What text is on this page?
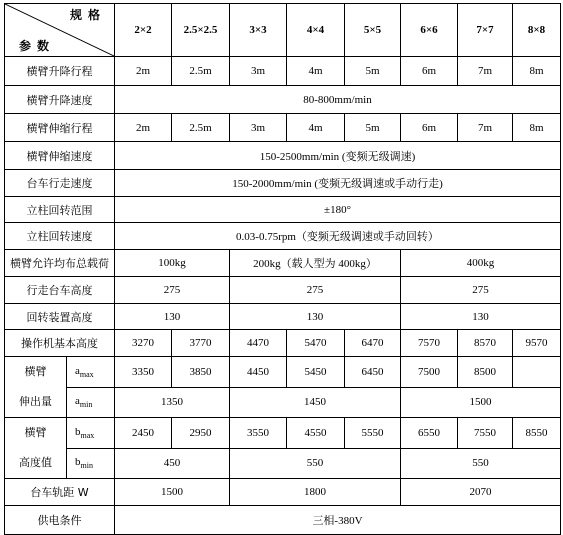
规格
参数		2×2	2.5×2.5	3×3	4×4	5×5	6×6	7×7	8×8
横臂升降行程		2m	2.5m	3m	4m	5m	6m	7m	8m
横臂升降速度		80-800mm/min							
横臂伸缩行程		2m	2.5m	3m	4m	5m	6m	7m	8m
横臂伸缩速度		150-2500mm/min (变频无级调速)							
台车行走速度		150-2000mm/min (变频无级调速或手动行走)							
立柱回转范围		±180°							
立柱回转速度		0.03-0.75rpm（变频无级调速或手动回转）							
横臂允许均布总载荷		100kg		200kg（载人型为 400kg）			400kg		
行走台车高度		275		275			275		
回转装置高度		130		130			130		
操作机基本高度		3270	3770	4470	5470	6470	7570	8570	9570

横臂
伸出量	$a_{max}$	3350	3850	4450	5450	6450	7500	8500	
	$a_{min}$	1350		1450			1500		

横臂
高度值	$b_{max}$	2450	2950	3550	4550	5550	6550	7550	8550
	$b_{min}$	450		550			550		
台车轨距 W		1500		1800			2070		
供电条件		三相-380V							
